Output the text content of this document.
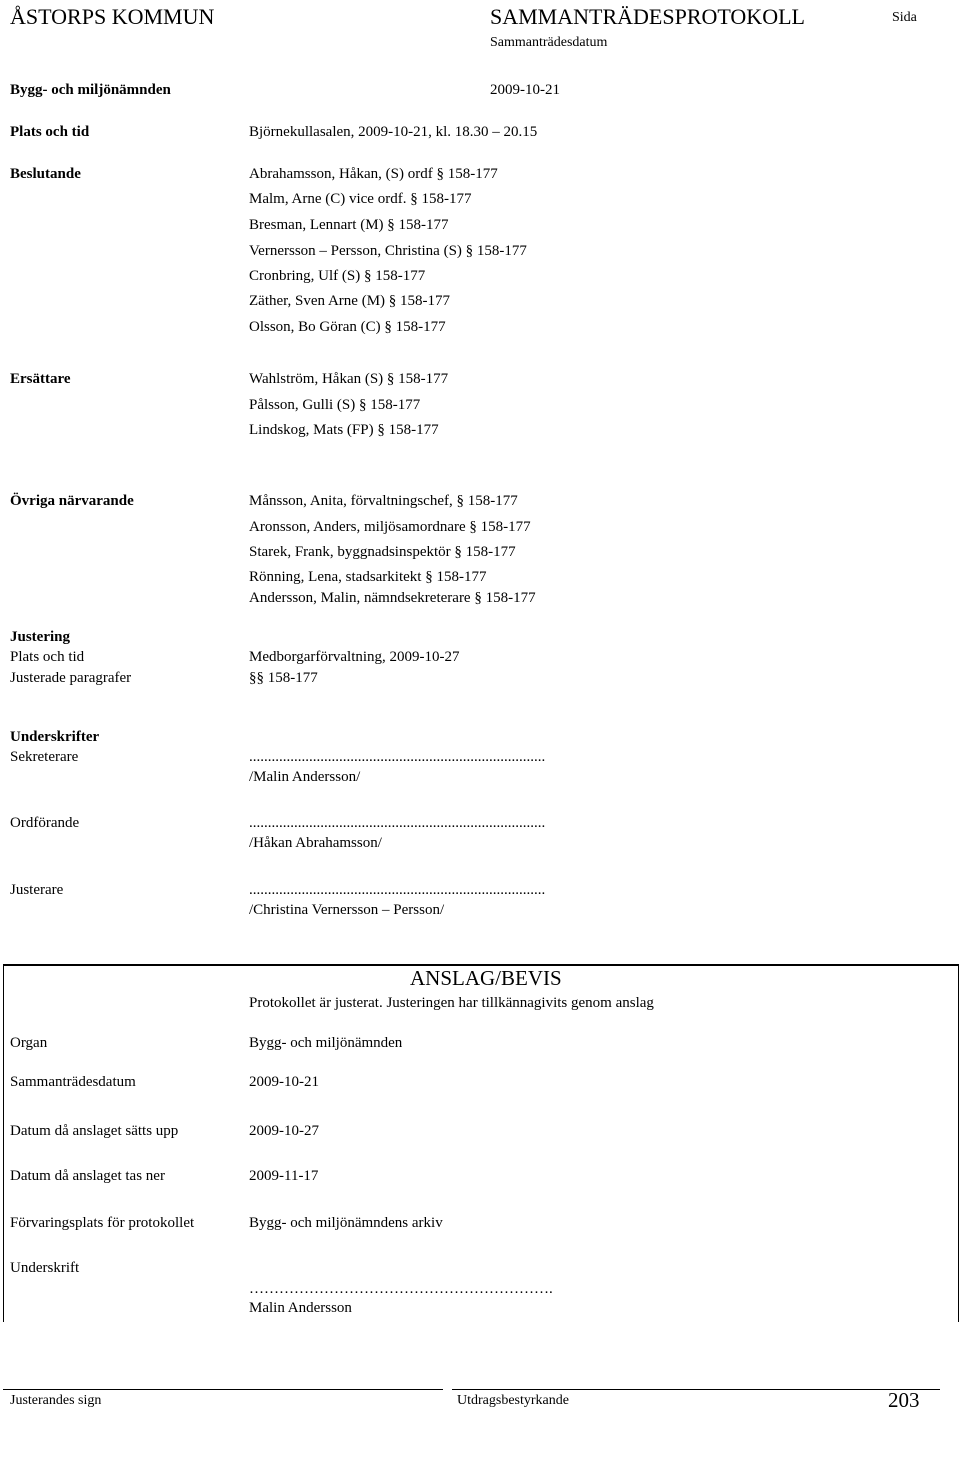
ÅSTORPS KOMMUN	SAMMANTRÄDESPROTOKOLL	Sida
Sammanträdesdatum
Bygg- och miljönämnden	2009-10-21
Plats och tid	Björnekullasalen, 2009-10-21, kl. 18.30 – 20.15
Beslutande	Abrahamsson, Håkan, (S) ordf § 158-177
Malm, Arne (C) vice ordf. § 158-177
Bresman, Lennart (M) § 158-177
Vernersson – Persson, Christina (S) § 158-177
Cronbring, Ulf (S) § 158-177
Zäther, Sven Arne (M) § 158-177
Olsson, Bo Göran (C) § 158-177
Ersättare	Wahlström, Håkan (S) § 158-177
Pålsson, Gulli (S) § 158-177
Lindskog, Mats (FP) § 158-177
Övriga närvarande	Månsson, Anita, förvaltningschef, § 158-177
Aronsson, Anders, miljösamordnare § 158-177
Starek, Frank, byggnadsinspektör § 158-177
Rönning, Lena, stadsarkitekt § 158-177
Andersson, Malin, nämndsekreterare § 158-177
Justering
Plats och tid	Medborgarförvaltning, 2009-10-27
Justerade paragrafer	§§ 158-177
Underskrifter
Sekreterare	...............................................................................
/Malin Andersson/
Ordförande	...............................................................................
/Håkan Abrahamsson/
Justerare	...............................................................................
/Christina Vernersson – Persson/
ANSLAG/BEVIS
Protokollet är justerat. Justeringen har tillkännagivits genom anslag
Organ	Bygg- och miljönämnden
Sammanträdesdatum	2009-10-21
Datum då anslaget sätts upp	2009-10-27
Datum då anslaget tas ner	2009-11-17
Förvaringsplats för protokollet	Bygg- och miljönämndens arkiv
Underskrift
…………………………………………………….
Malin Andersson
Justerandes sign	Utdragsbestyrkande	203
